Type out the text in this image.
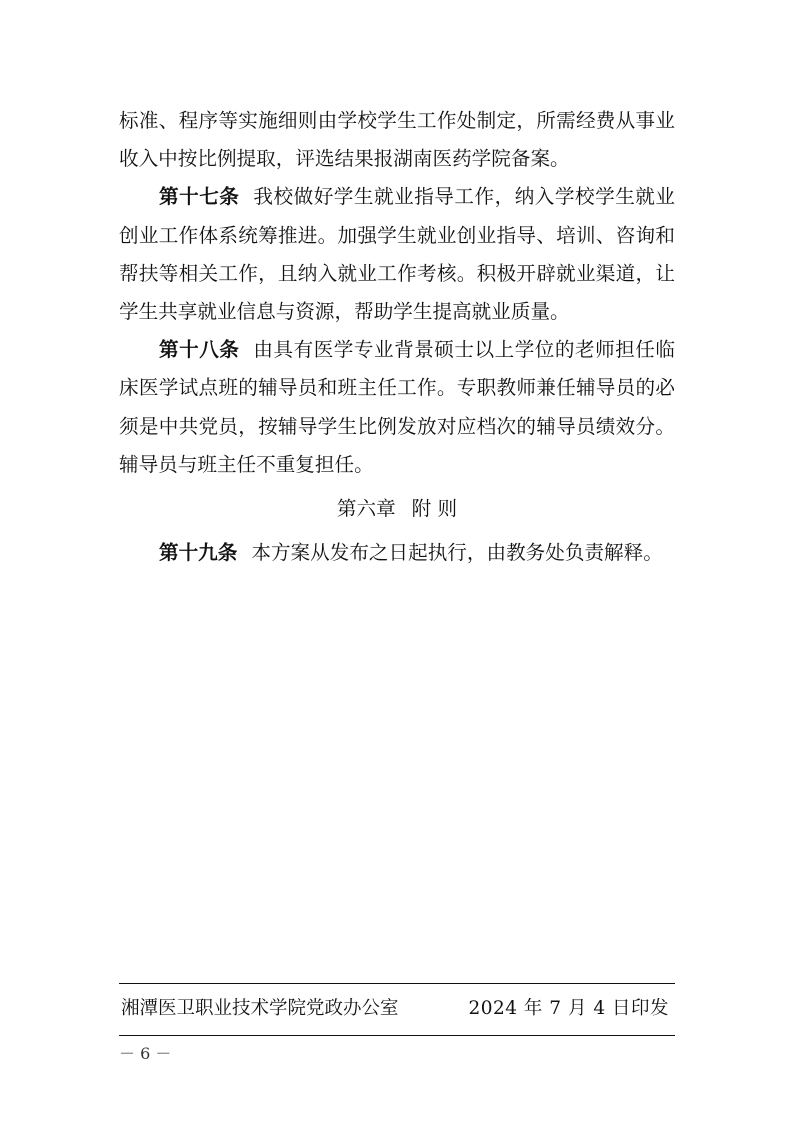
标准、程序等实施细则由学校学生工作处制定，所需经费从事业收入中按比例提取，评选结果报湖南医药学院备案。

第十七条 我校做好学生就业指导工作，纳入学校学生就业创业工作体系统筹推进。加强学生就业创业指导、培训、咨询和帮扶等相关工作，且纳入就业工作考核。积极开辟就业渠道，让学生共享就业信息与资源，帮助学生提高就业质量。

第十八条 由具有医学专业背景硕士以上学位的老师担任临床医学试点班的辅导员和班主任工作。专职教师兼任辅导员的必须是中共党员，按辅导学生比例发放对应档次的辅导员绩效分。辅导员与班主任不重复担任。

第六章 附 则

第十九条 本方案从发布之日起执行，由教务处负责解释。

湘潭医卫职业技术学院党政办公室	2024 年 7 月 4 日印发
－ 6 －
